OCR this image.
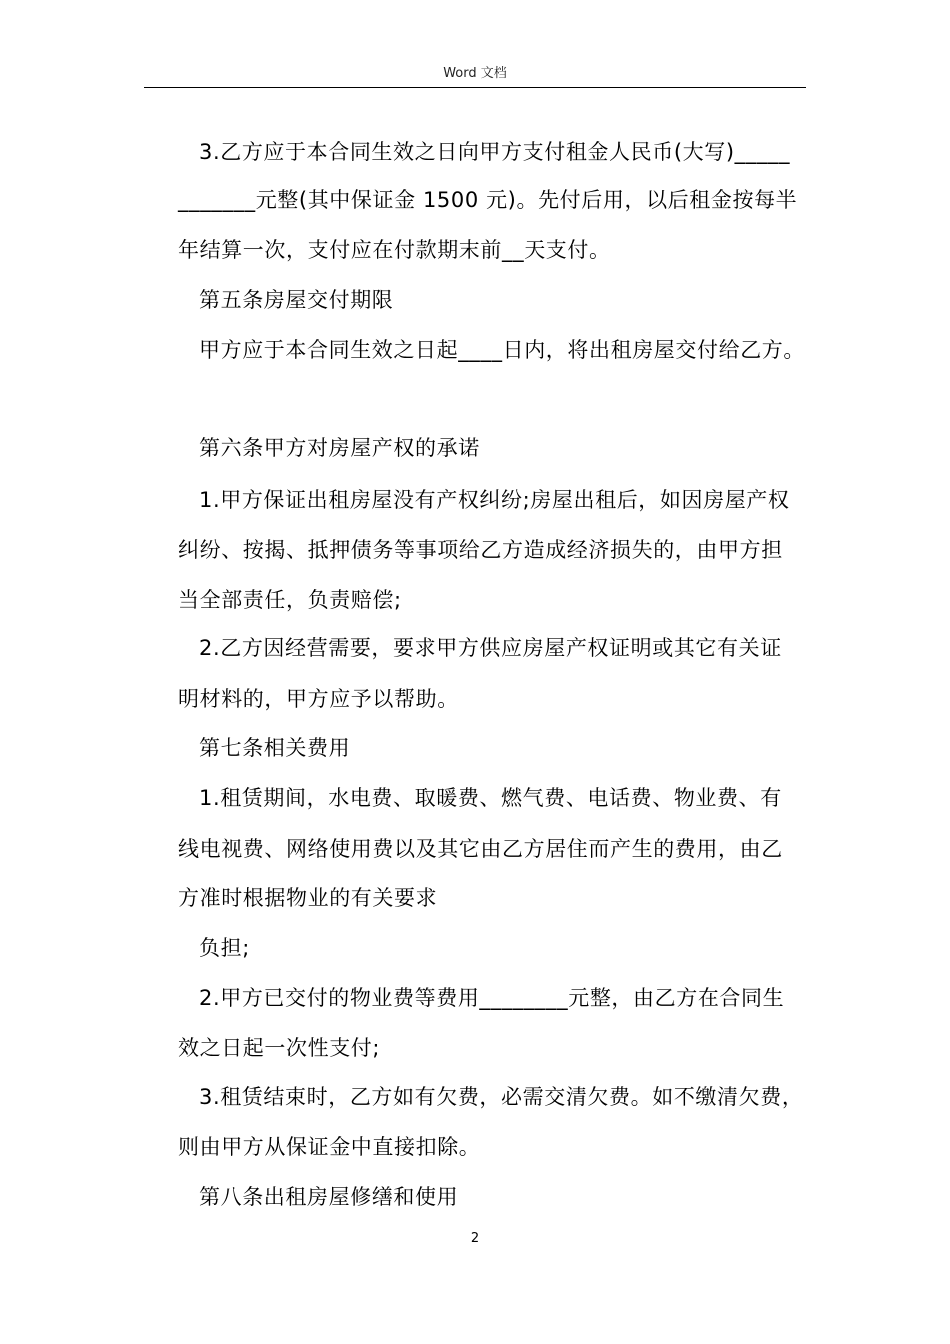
Word 文档
3.乙方应于本合同生效之日向甲方支付租金人民币(大写)_____
_______元整(其中保证金 1500 元)。先付后用，以后租金按每半
年结算一次，支付应在付款期末前__天支付。
第五条房屋交付期限
甲方应于本合同生效之日起____日内，将出租房屋交付给乙方。
第六条甲方对房屋产权的承诺
1.甲方保证出租房屋没有产权纠纷;房屋出租后，如因房屋产权
纠纷、按揭、抵押债务等事项给乙方造成经济损失的，由甲方担
当全部责任，负责赔偿;
2.乙方因经营需要，要求甲方供应房屋产权证明或其它有关证
明材料的，甲方应予以帮助。
第七条相关费用
1.租赁期间，水电费、取暖费、燃气费、电话费、物业费、有
线电视费、网络使用费以及其它由乙方居住而产生的费用，由乙
方准时根据物业的有关要求
负担;
2.甲方已交付的物业费等费用________元整，由乙方在合同生
效之日起一次性支付;
3.租赁结束时，乙方如有欠费，必需交清欠费。如不缴清欠费，
则由甲方从保证金中直接扣除。
第八条出租房屋修缮和使用
2
